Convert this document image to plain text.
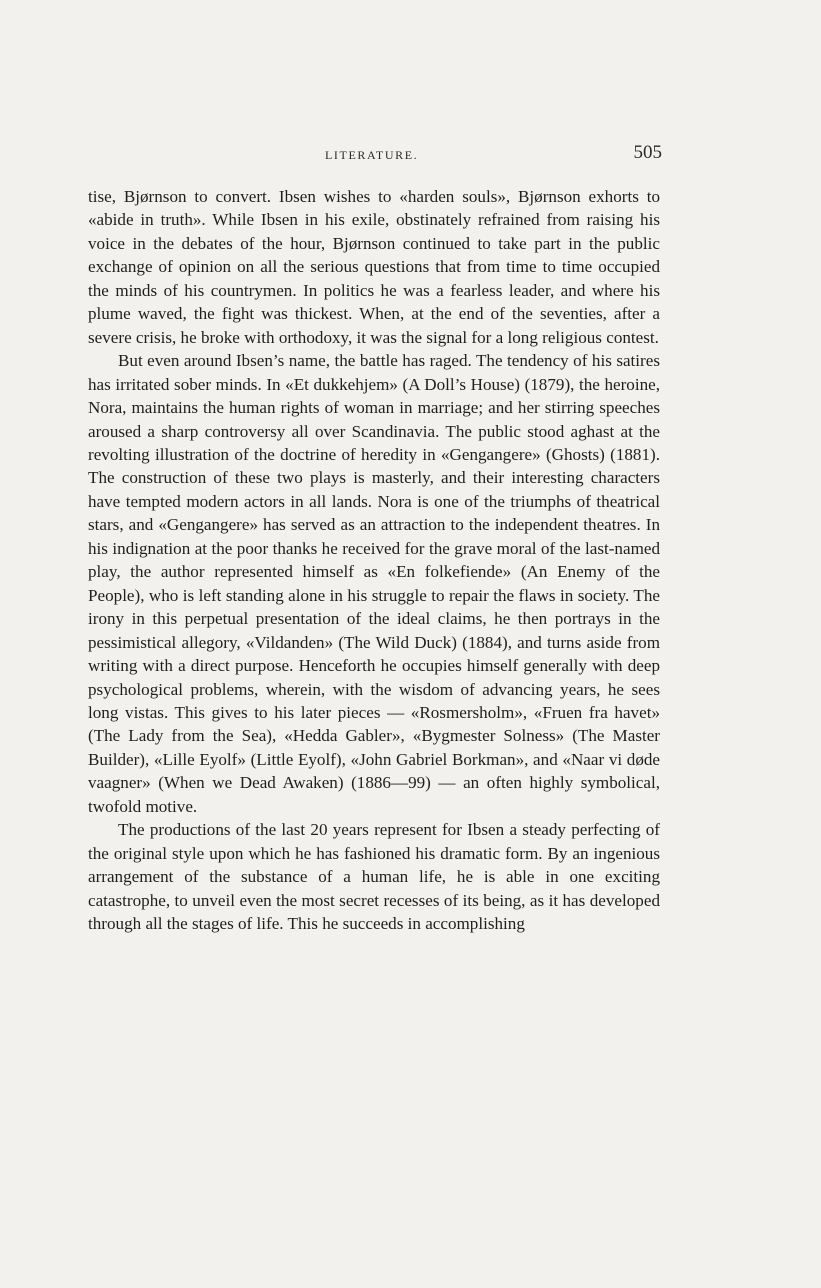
LITERATURE.	505

tise, Bjørnson to convert. Ibsen wishes to «harden souls», Bjørnson exhorts to «abide in truth». While Ibsen in his exile, obstinately refrained from raising his voice in the debates of the hour, Bjørnson continued to take part in the public exchange of opinion on all the serious questions that from time to time occupied the minds of his countrymen. In politics he was a fearless leader, and where his plume waved, the fight was thickest. When, at the end of the seventies, after a severe crisis, he broke with orthodoxy, it was the signal for a long religious contest.

But even around Ibsen’s name, the battle has raged. The tendency of his satires has irritated sober minds. In «Et dukkehjem» (A Doll’s House) (1879), the heroine, Nora, maintains the human rights of woman in marriage; and her stirring speeches aroused a sharp controversy all over Scandinavia. The public stood aghast at the revolting illustration of the doctrine of heredity in «Gengangere» (Ghosts) (1881). The construction of these two plays is masterly, and their interesting characters have tempted modern actors in all lands. Nora is one of the triumphs of theatrical stars, and «Gengangere» has served as an attraction to the independent theatres. In his indignation at the poor thanks he received for the grave moral of the last-named play, the author represented himself as «En folkefiende» (An Enemy of the People), who is left standing alone in his struggle to repair the flaws in society. The irony in this perpetual presentation of the ideal claims, he then portrays in the pessimistical allegory, «Vildanden» (The Wild Duck) (1884), and turns aside from writing with a direct purpose. Henceforth he occupies himself generally with deep psychological problems, wherein, with the wisdom of advancing years, he sees long vistas. This gives to his later pieces — «Rosmersholm», «Fruen fra havet» (The Lady from the Sea), «Hedda Gabler», «Bygmester Solness» (The Master Builder), «Lille Eyolf» (Little Eyolf), «John Gabriel Borkman», and «Naar vi døde vaagner» (When we Dead Awaken) (1886—99) — an often highly symbolical, twofold motive.

The productions of the last 20 years represent for Ibsen a steady perfecting of the original style upon which he has fashioned his dramatic form. By an ingenious arrangement of the substance of a human life, he is able in one exciting catastrophe, to unveil even the most secret recesses of its being, as it has developed through all the stages of life. This he succeeds in accomplishing
